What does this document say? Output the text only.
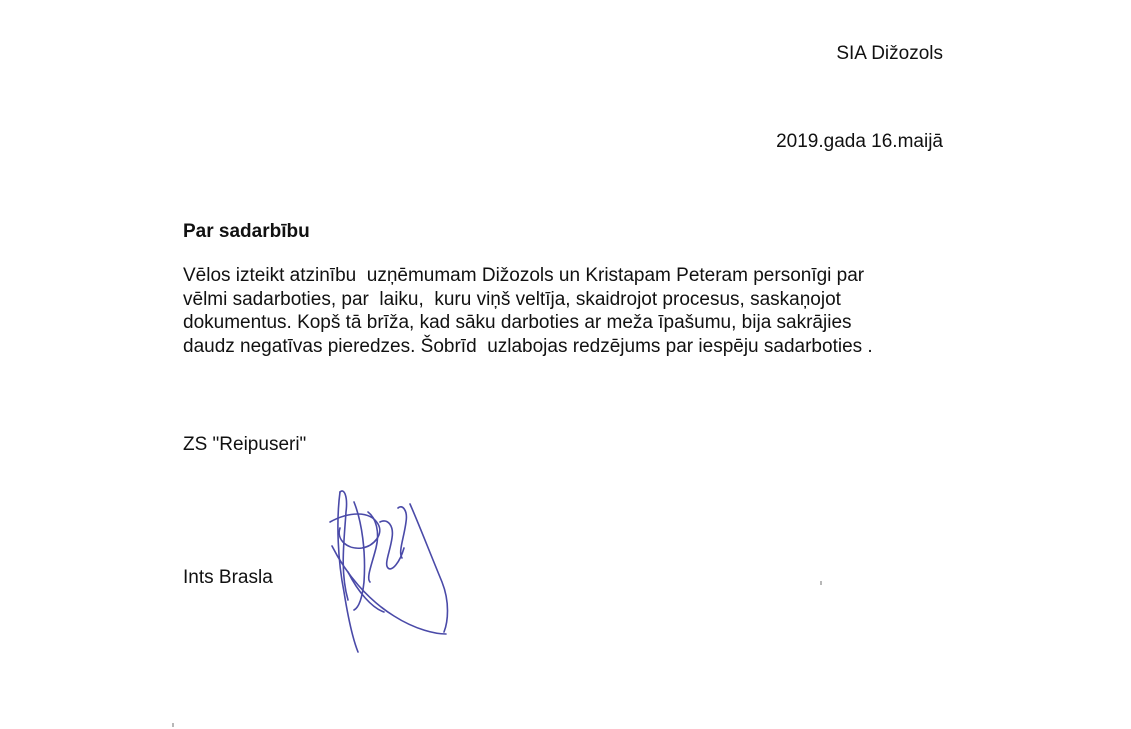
SIA Dižozols
2019.gada 16.maijā
Par sadarbību
Vēlos izteikt atzinību  uzņēmumam Dižozols un Kristapam Peteram personīgi par
vēlmi sadarboties, par  laiku,  kuru viņš veltīja, skaidrojot procesus, saskaņojot
dokumentus. Kopš tā brīža, kad sāku darboties ar meža īpašumu, bija sakrājies
daudz negatīvas pieredzes. Šobrīd  uzlabojas redzējums par iespēju sadarboties .
ZS "Reipuseri"
Ints Brasla
